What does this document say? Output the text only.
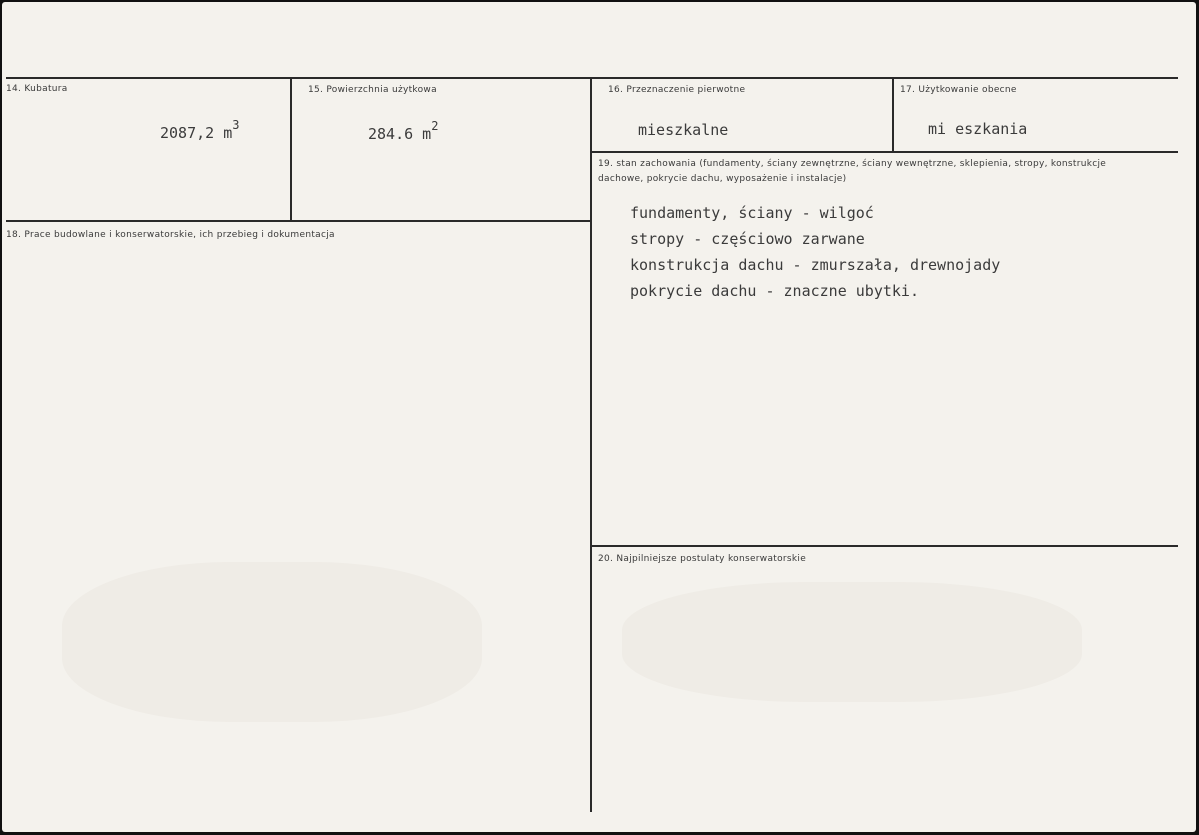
14. Kubatura
2087,2 $m^3$
15. Powierzchnia użytkowa
284.6 $m^2$
16. Przeznaczenie pierwotne
mieszkalne
17. Użytkowanie obecne
mi eszkania
18. Prace budowlane i konserwatorskie, ich przebieg i dokumentacja
19. stan zachowania (fundamenty, ściany zewnętrzne, ściany wewnętrzne, sklepienia, stropy, konstrukcje dachowe, pokrycie dachu, wyposażenie i instalacje)
fundamenty, ściany - wilgoć
stropy - częściowo zarwane
konstrukcja dachu - zmurszała, drewnojady
pokrycie dachu - znaczne ubytki.
20. Najpilniejsze postulaty konserwatorskie
